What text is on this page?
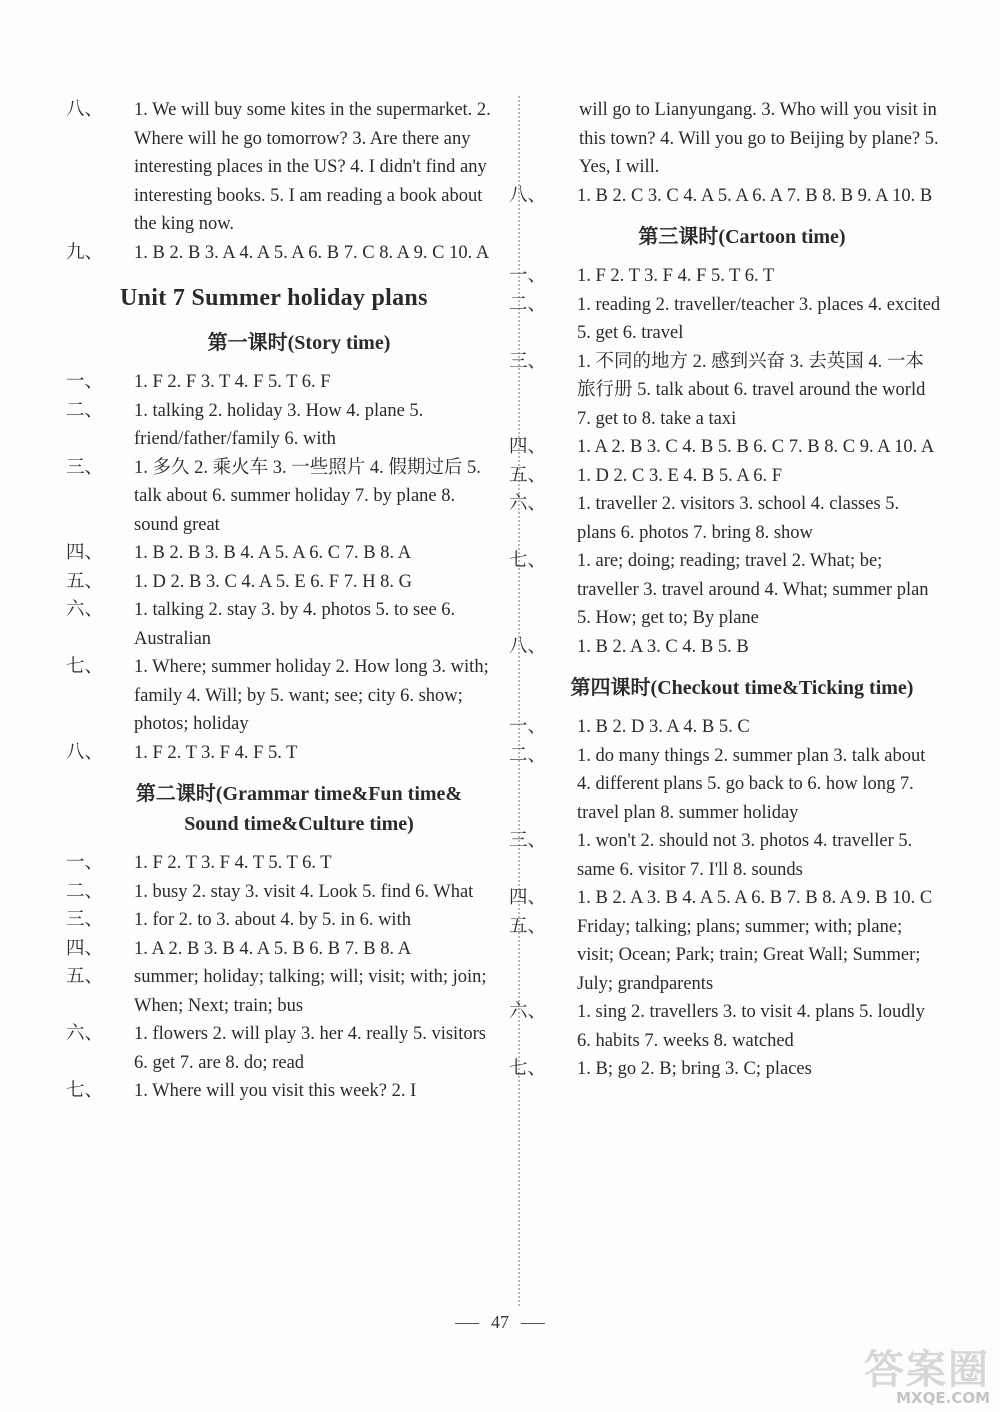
八、 1. We will buy some kites in the supermarket. 2. Where will he go tomorrow? 3. Are there any interesting places in the US? 4. I didn't find any interesting books. 5. I am reading a book about the king now.

九、 1. B 2. B 3. A 4. A 5. A 6. B 7. C 8. A 9. C 10. A

Unit 7 Summer holiday plans
第一课时(Story time)

一、 1. F 2. F 3. T 4. F 5. T 6. F

二、 1. talking 2. holiday 3. How 4. plane 5. friend/father/family 6. with

三、 1. 多久 2. 乘火车 3. 一些照片 4. 假期过后 5. talk about 6. summer holiday 7. by plane 8. sound great

四、 1. B 2. B 3. B 4. A 5. A 6. C 7. B 8. A

五、 1. D 2. B 3. C 4. A 5. E 6. F 7. H 8. G

六、 1. talking 2. stay 3. by 4. photos 5. to see 6. Australian

七、 1. Where; summer holiday 2. How long 3. with; family 4. Will; by 5. want; see; city 6. show; photos; holiday

八、 1. F 2. T 3. F 4. F 5. T

第二课时(Grammar time&Fun time&
Sound time&Culture time)

一、 1. F 2. T 3. F 4. T 5. T 6. T

二、 1. busy 2. stay 3. visit 4. Look 5. find 6. What

三、 1. for 2. to 3. about 4. by 5. in 6. with

四、 1. A 2. B 3. B 4. A 5. B 6. B 7. B 8. A

五、 summer; holiday; talking; will; visit; with; join; When; Next; train; bus

六、 1. flowers 2. will play 3. her 4. really 5. visitors 6. get 7. are 8. do; read

七、 1. Where will you visit this week? 2. I

will go to Lianyungang. 3. Who will you visit in this town? 4. Will you go to Beijing by plane? 5. Yes, I will.

八、 1. B 2. C 3. C 4. A 5. A 6. A 7. B 8. B 9. A 10. B

第三课时(Cartoon time)

一、 1. F 2. T 3. F 4. F 5. T 6. T

二、 1. reading 2. traveller/teacher 3. places 4. excited 5. get 6. travel

三、 1. 不同的地方 2. 感到兴奋 3. 去英国 4. 一本旅行册 5. talk about 6. travel around the world 7. get to 8. take a taxi

四、 1. A 2. B 3. C 4. B 5. B 6. C 7. B 8. C 9. A 10. A

五、 1. D 2. C 3. E 4. B 5. A 6. F

六、 1. traveller 2. visitors 3. school 4. classes 5. plans 6. photos 7. bring 8. show

七、 1. are; doing; reading; travel 2. What; be; traveller 3. travel around 4. What; summer plan 5. How; get to; By plane

八、 1. B 2. A 3. C 4. B 5. B

第四课时(Checkout time&Ticking time)

一、 1. B 2. D 3. A 4. B 5. C

二、 1. do many things 2. summer plan 3. talk about 4. different plans 5. go back to 6. how long 7. travel plan 8. summer holiday

三、 1. won't 2. should not 3. photos 4. traveller 5. same 6. visitor 7. I'll 8. sounds

四、 1. B 2. A 3. B 4. A 5. A 6. B 7. B 8. A 9. B 10. C

五、 Friday; talking; plans; summer; with; plane; visit; Ocean; Park; train; Great Wall; Summer; July; grandparents

六、 1. sing 2. travellers 3. to visit 4. plans 5. loudly 6. habits 7. weeks 8. watched

七、 1. B; go 2. B; bring 3. C; places

47
答案圈
MXQE.COM
